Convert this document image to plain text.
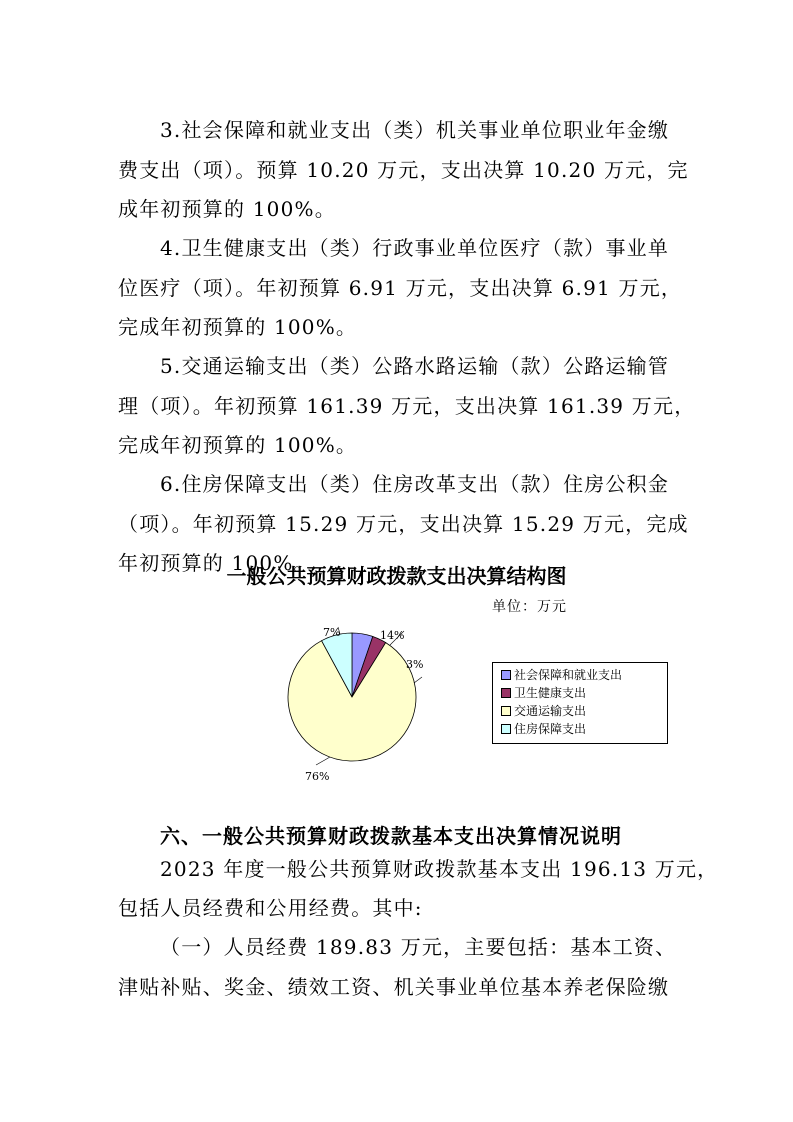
3.社会保障和就业支出（类）机关事业单位职业年金缴
费支出（项）。预算 10.20 万元，支出决算 10.20 万元，完
成年初预算的 100%。
4.卫生健康支出（类）行政事业单位医疗（款）事业单
位医疗（项）。年初预算 6.91 万元，支出决算 6.91 万元，
完成年初预算的 100%。
5.交通运输支出（类）公路水路运输（款）公路运输管
理（项）。年初预算 161.39 万元，支出决算 161.39 万元，
完成年初预算的 100%。
6.住房保障支出（类）住房改革支出（款）住房公积金
（项）。年初预算 15.29 万元，支出决算 15.29 万元，完成
年初预算的 100%。
一般公共预算财政拨款支出决算结构图
单位：万元
14%
3%
76%
7%
社会保障和就业支出
卫生健康支出
交通运输支出
住房保障支出
六、一般公共预算财政拨款基本支出决算情况说明
2023 年度一般公共预算财政拨款基本支出 196.13 万元，
包括人员经费和公用经费。其中:
（一）人员经费 189.83 万元，主要包括：基本工资、
津贴补贴、奖金、绩效工资、机关事业单位基本养老保险缴
